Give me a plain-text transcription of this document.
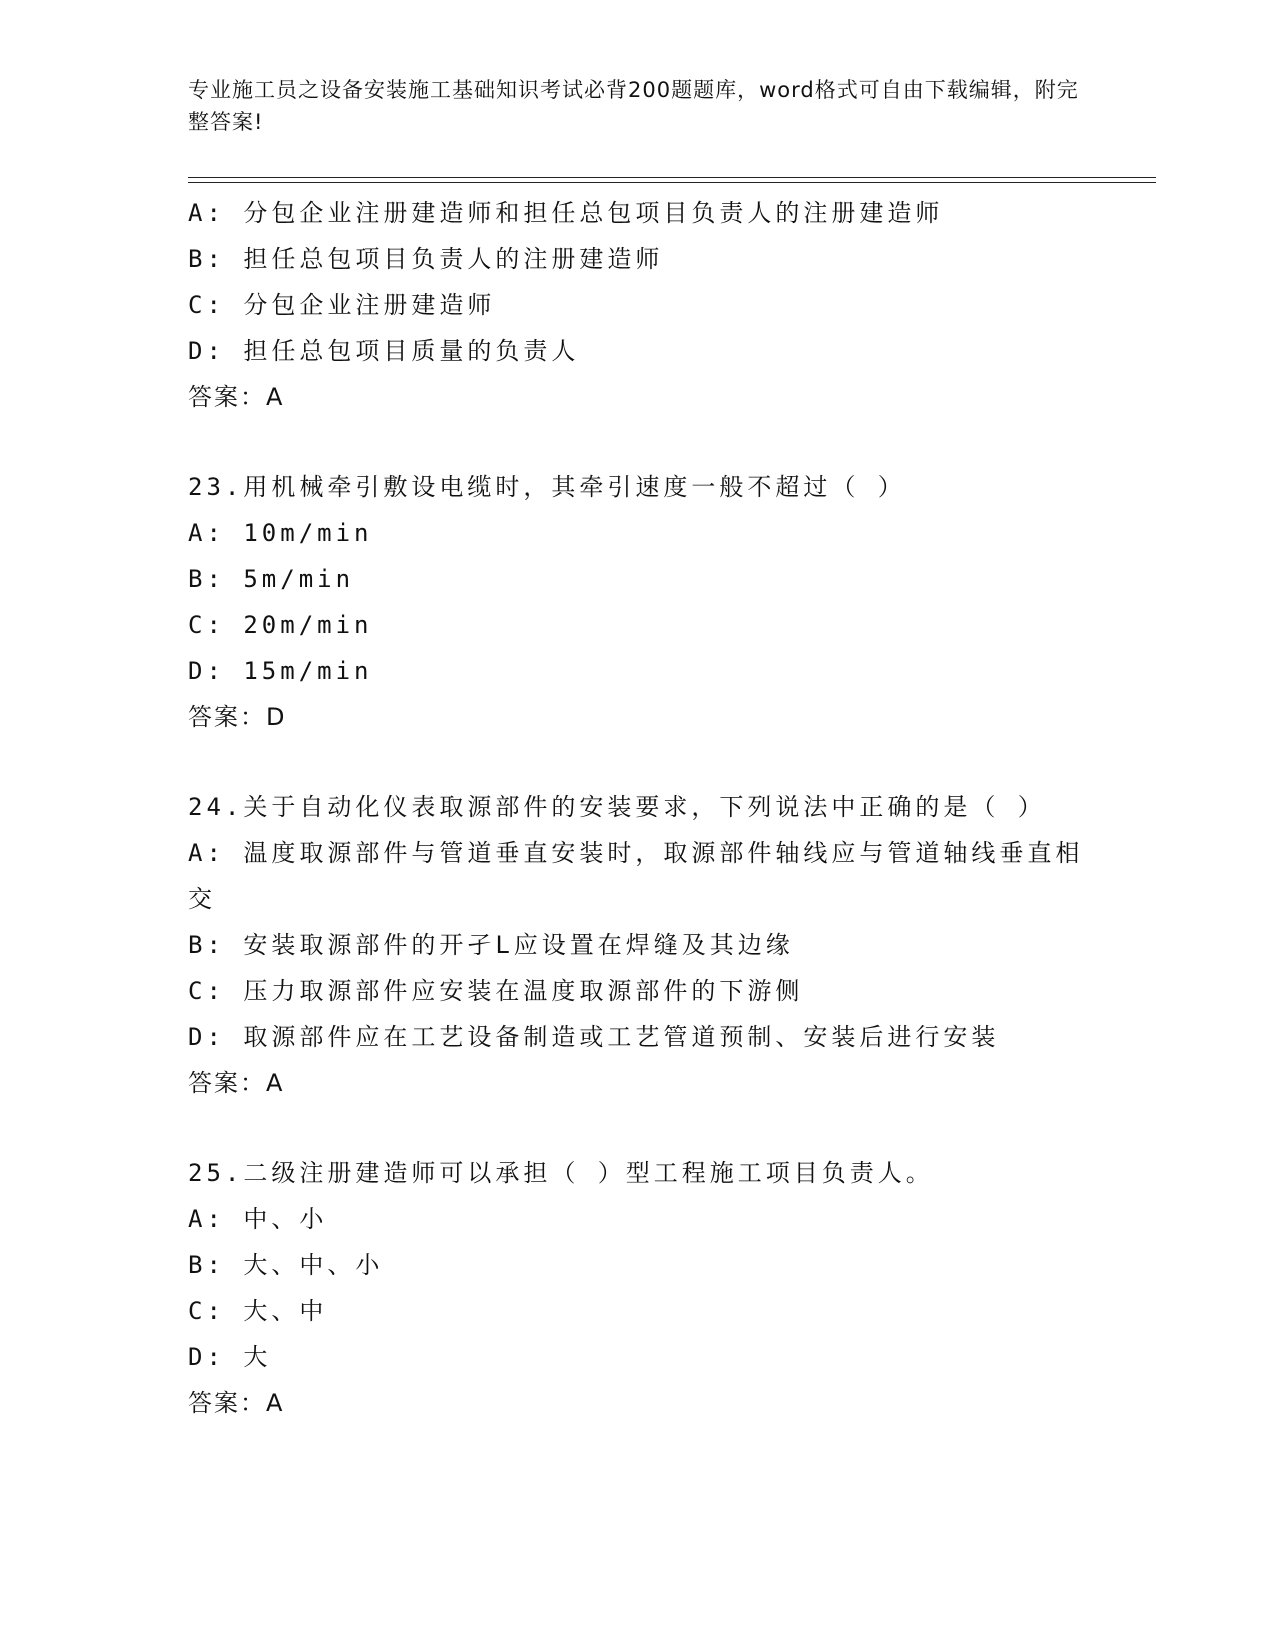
专业施工员之设备安装施工基础知识考试必背200题题库，word格式可自由下载编辑，附完整答案!
A: 分包企业注册建造师和担任总包项目负责人的注册建造师
B: 担任总包项目负责人的注册建造师
C: 分包企业注册建造师
D: 担任总包项目质量的负责人
答案：A
23.用机械牵引敷设电缆时，其牵引速度一般不超过（ ）
A: 10m/min
B: 5m/min
C: 20m/min
D: 15m/min
答案：D
24.关于自动化仪表取源部件的安装要求，下列说法中正确的是（ ）
A: 温度取源部件与管道垂直安装时，取源部件轴线应与管道轴线垂直相交
B: 安装取源部件的开孑L应设置在焊缝及其边缘
C: 压力取源部件应安装在温度取源部件的下游侧
D: 取源部件应在工艺设备制造或工艺管道预制、安装后进行安装
答案：A
25.二级注册建造师可以承担（ ）型工程施工项目负责人。
A: 中、小
B: 大、中、小
C: 大、中
D: 大
答案：A
